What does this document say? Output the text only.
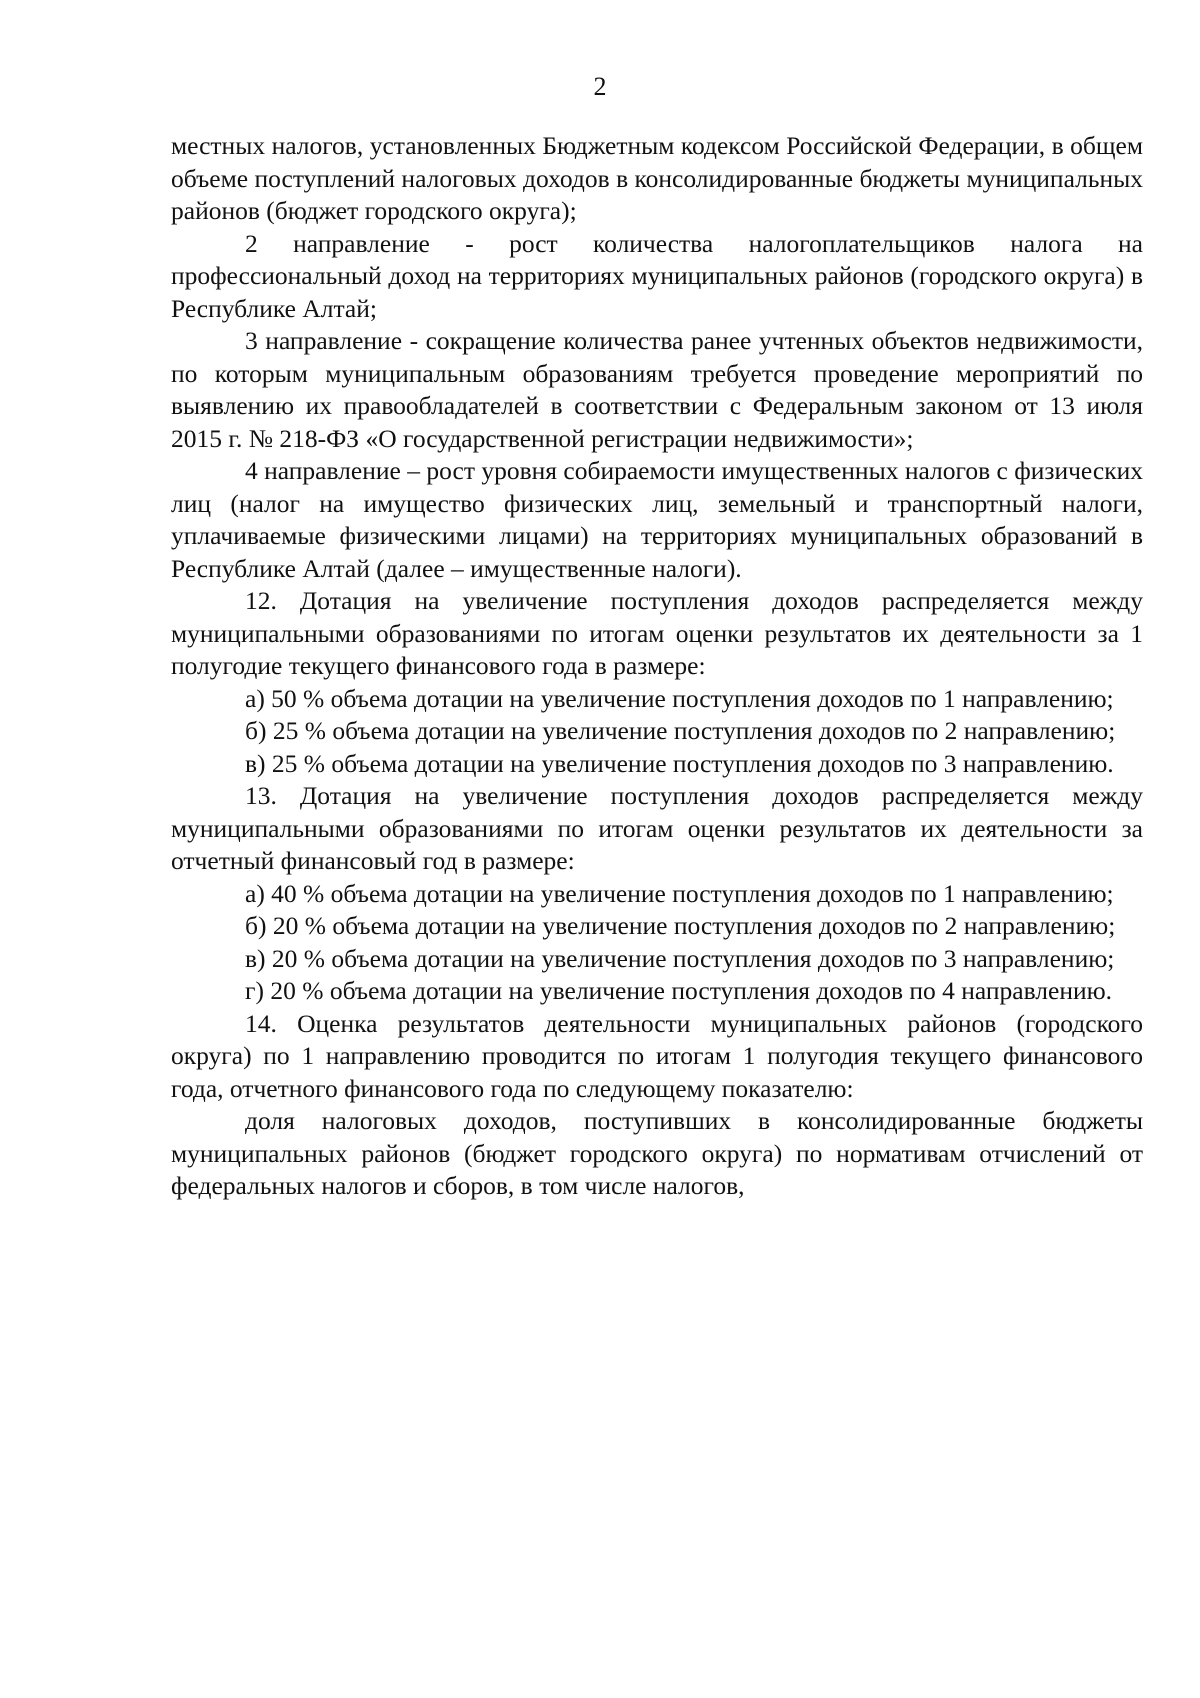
2

местных налогов, установленных Бюджетным кодексом Российской Федерации, в общем объеме поступлений налоговых доходов в консолидированные бюджеты муниципальных районов (бюджет городского округа);

2 направление - рост количества налогоплательщиков налога на профессиональный доход на территориях муниципальных районов (городского округа) в Республике Алтай;

3 направление - сокращение количества ранее учтенных объектов недвижимости, по которым муниципальным образованиям требуется проведение мероприятий по выявлению их правообладателей в соответствии с Федеральным законом от 13 июля 2015 г. № 218-ФЗ «О государственной регистрации недвижимости»;

4 направление – рост уровня собираемости имущественных налогов с физических лиц (налог на имущество физических лиц, земельный и транспортный налоги, уплачиваемые физическими лицами) на территориях муниципальных образований в Республике Алтай (далее – имущественные налоги).

12. Дотация на увеличение поступления доходов распределяется между муниципальными образованиями по итогам оценки результатов их деятельности за 1 полугодие текущего финансового года в размере:

а) 50 % объема дотации на увеличение поступления доходов по 1 направлению;

б) 25 % объема дотации на увеличение поступления доходов по 2 направлению;

в) 25 % объема дотации на увеличение поступления доходов по 3 направлению.

13. Дотация на увеличение поступления доходов распределяется между муниципальными образованиями по итогам оценки результатов их деятельности за отчетный финансовый год в размере:

а) 40 % объема дотации на увеличение поступления доходов по 1 направлению;

б) 20 % объема дотации на увеличение поступления доходов по 2 направлению;

в) 20 % объема дотации на увеличение поступления доходов по 3 направлению;

г) 20 % объема дотации на увеличение поступления доходов по 4 направлению.

14. Оценка результатов деятельности муниципальных районов (городского округа) по 1 направлению проводится по итогам 1 полугодия текущего финансового года, отчетного финансового года по следующему показателю:

доля налоговых доходов, поступивших в консолидированные бюджеты муниципальных районов (бюджет городского округа) по нормативам отчислений от федеральных налогов и сборов, в том числе налогов,
